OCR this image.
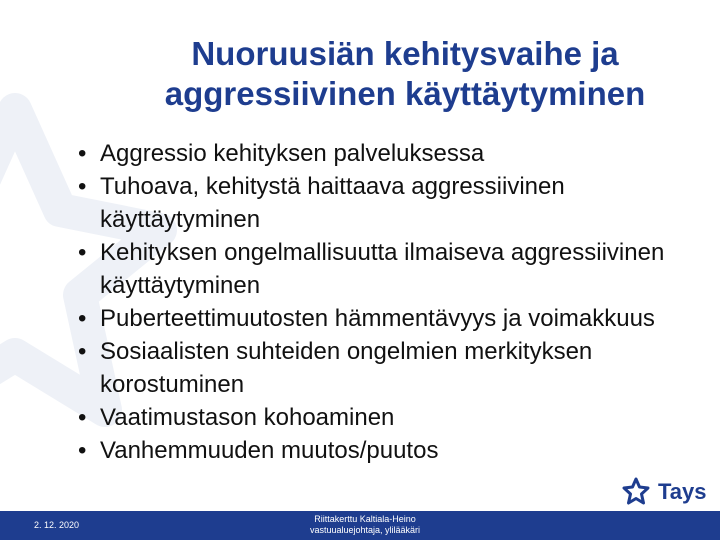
Nuoruusiän kehitysvaihe ja
aggressiivinen käyttäytyminen
• Aggressio kehityksen palveluksessa
• Tuhoava, kehitystä haittaava aggressiivinen käyttäytyminen
• Kehityksen ongelmallisuutta ilmaiseva aggressiivinen käyttäytyminen
• Puberteettimuutosten hämmentävyys ja voimakkuus
• Sosiaalisten suhteiden ongelmien merkityksen korostuminen
• Vaatimustason kohoaminen
• Vanhemmuuden muutos/puutos
Tays
2. 12. 2020
Riittakerttu Kaltiala-Heino
vastuualuejohtaja, ylilääkäri
